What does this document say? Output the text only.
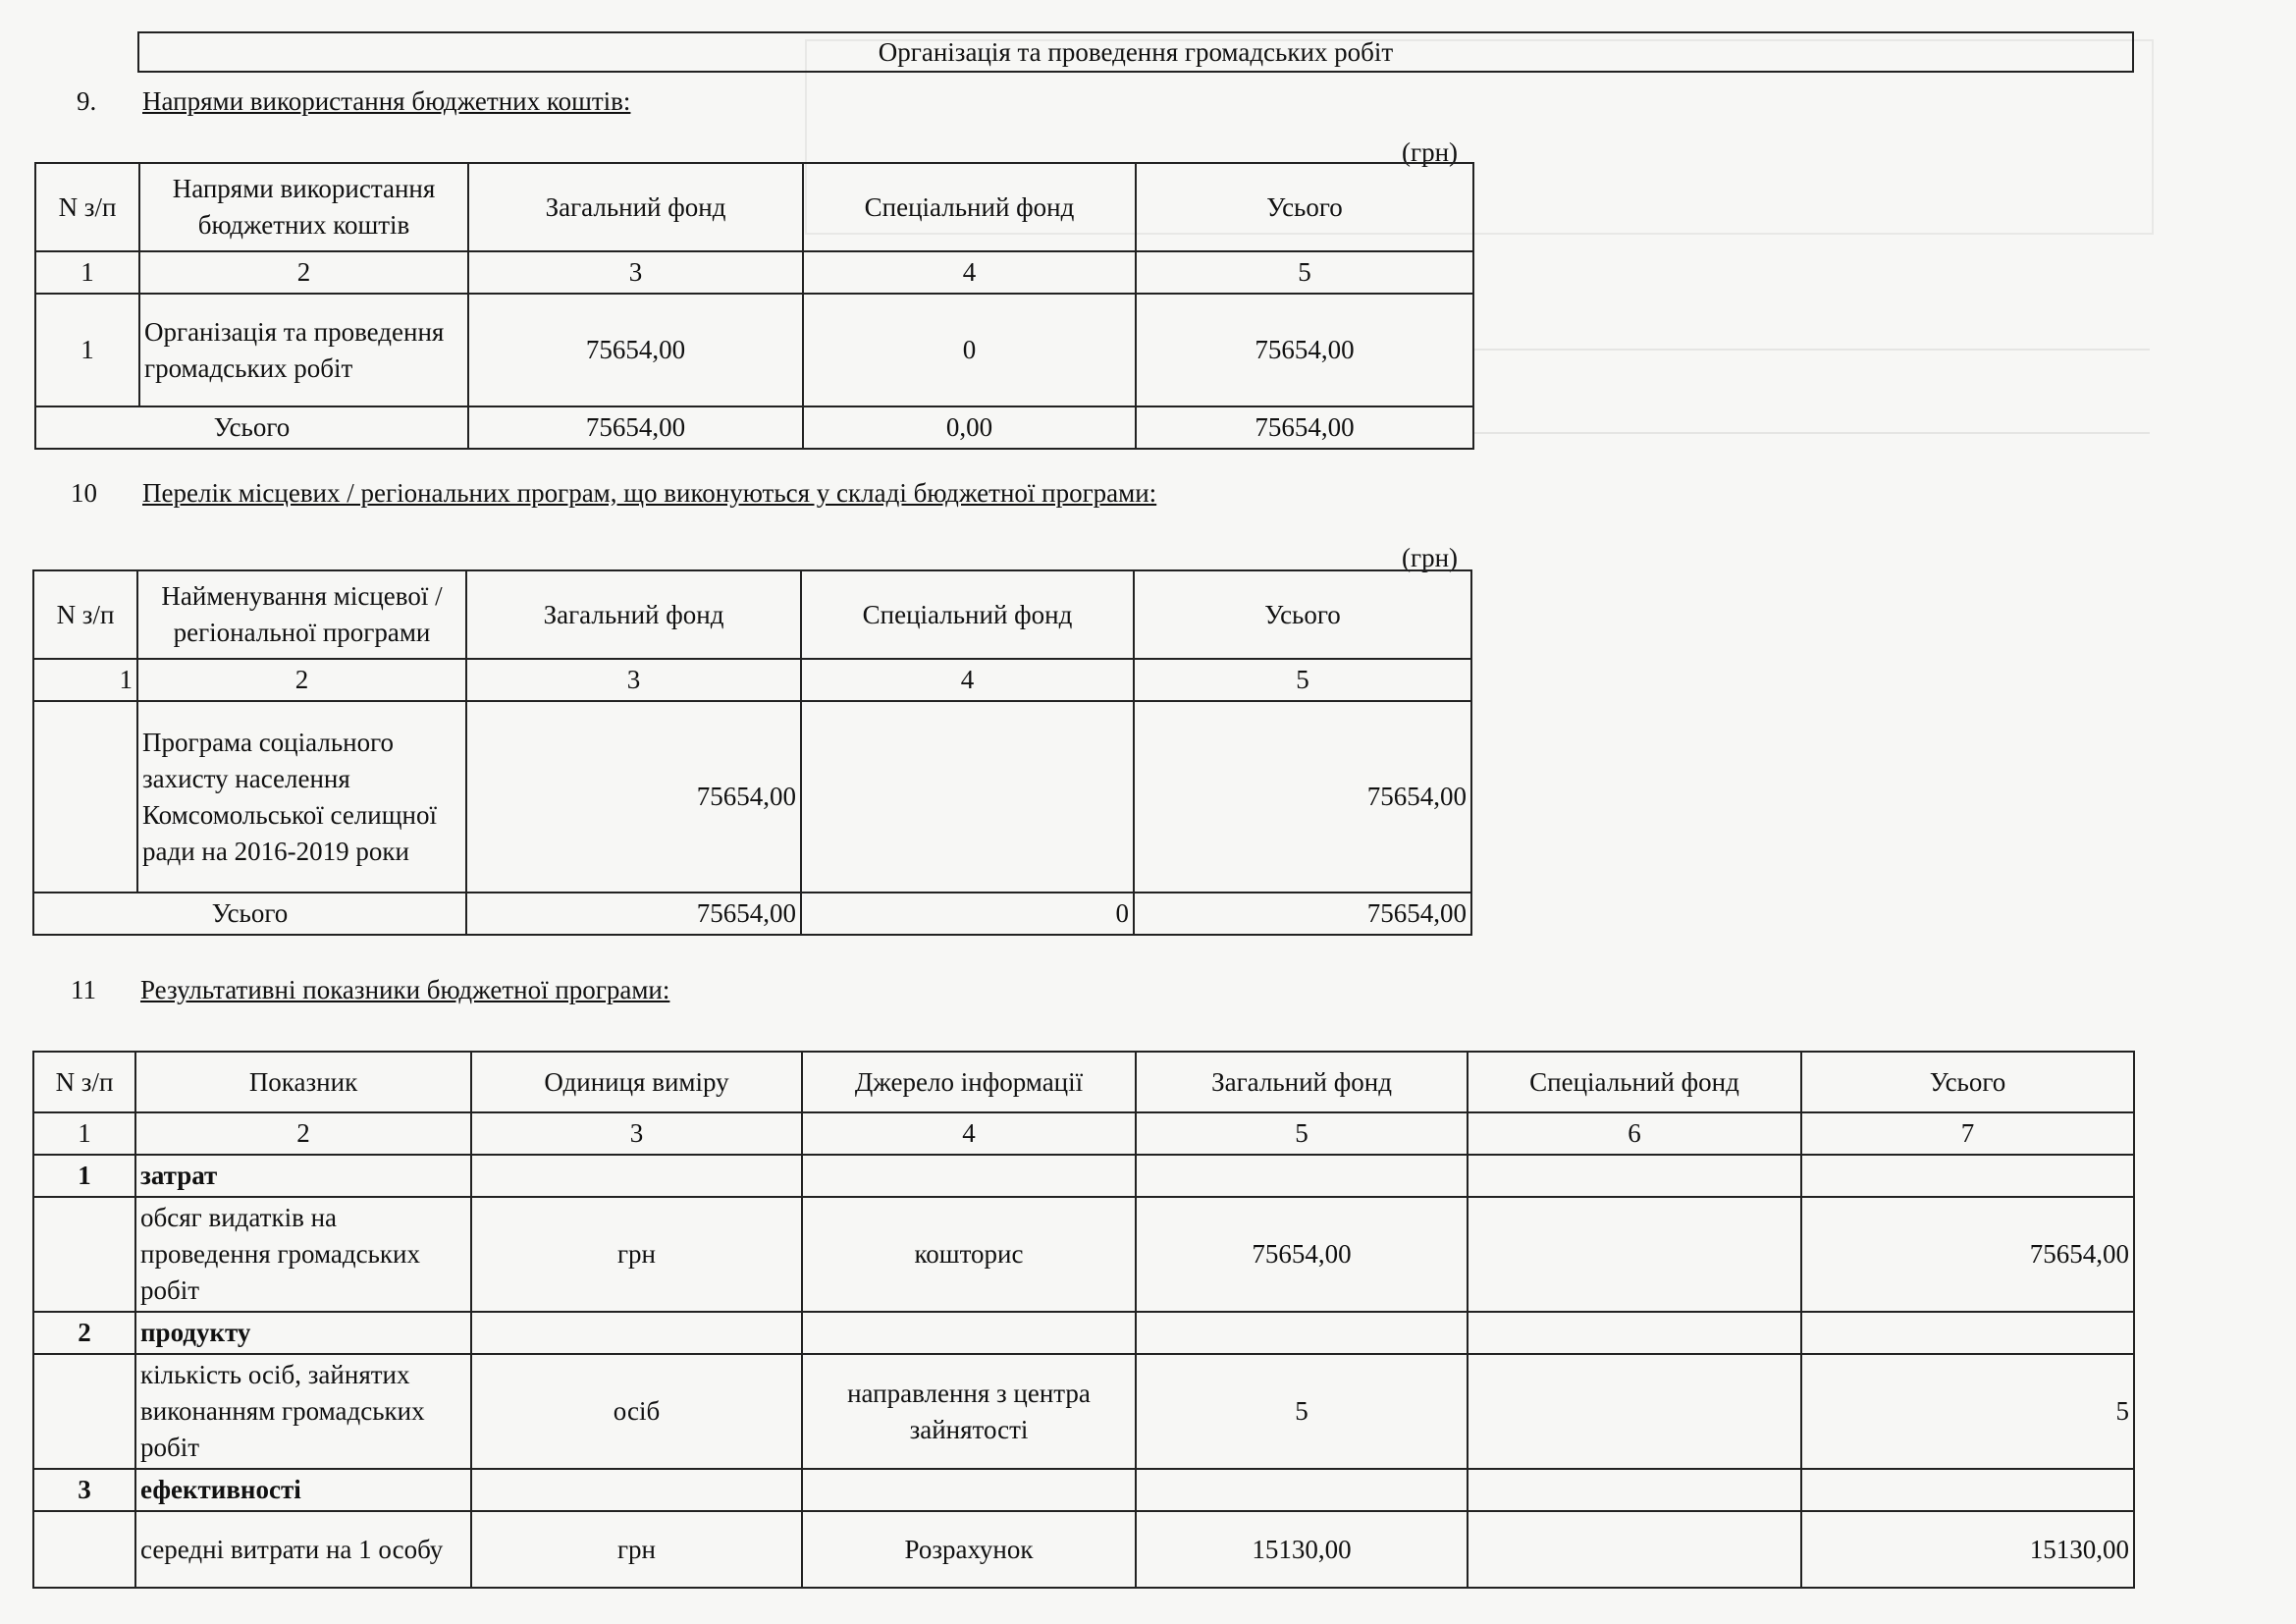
Організація та проведення громадських робіт
9. Напрями використання бюджетних коштів:
(грн)
N з/п	Напрями використання бюджетних коштів	Загальний фонд	Спеціальний фонд	Усього
1	2	3	4	5
1	Організація та проведення громадських робіт	75654,00	0	75654,00
Усього		75654,00	0,00	75654,00
10 Перелік місцевих / регіональних програм, що виконуються у складі бюджетної програми:
(грн)
N з/п	Найменування місцевої / регіональної програми	Загальний фонд	Спеціальний фонд	Усього
1	2	3	4	5
	Програма соціального захисту населення Комсомольської селищної ради на 2016-2019 роки	75654,00		75654,00
Усього		75654,00	0	75654,00
11 Результативні показники бюджетної програми:
N з/п	Показник	Одиниця виміру	Джерело інформації	Загальний фонд	Спеціальний фонд	Усього
1	2	3	4	5	6	7
1	затрат					
	обсяг видатків на проведення громадських робіт	грн	кошторис	75654,00		75654,00
2	продукту					
	кількість осіб, зайнятих виконанням громадських робіт	осіб	направлення з центра зайнятості	5		5
3	ефективності					
	середні витрати на 1 особу	грн	Розрахунок	15130,00		15130,00
